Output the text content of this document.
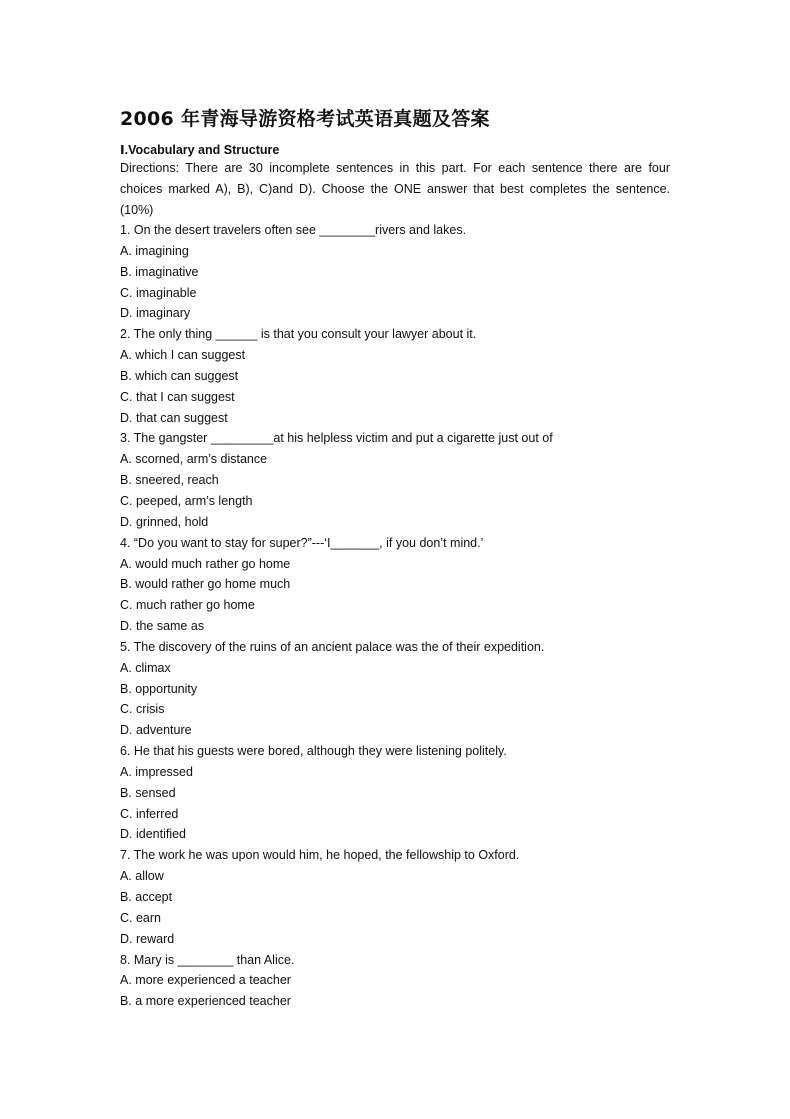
2006 年青海导游资格考试英语真题及答案
Ⅰ.Vocabulary and Structure
Directions: There are 30 incomplete sentences in this part. For each sentence there are four choices marked A), B), C)and D). Choose the ONE answer that best completes the sentence. (10%)
1. On the desert travelers often see ________rivers and lakes.
A. imagining
B. imaginative
C. imaginable
D. imaginary
2. The only thing ______ is that you consult your lawyer about it.
A. which I can suggest
B. which can suggest
C. that I can suggest
D. that can suggest
3. The gangster _________at his helpless victim and put a cigarette just out of
A. scorned, arm’s distance
B. sneered, reach
C. peeped, arm’s length
D. grinned, hold
4. “Do you want to stay for super?”---‘I_______, if you don’t mind.’
A. would much rather go home
B. would rather go home much
C. much rather go home
D. the same as
5. The discovery of the ruins of an ancient palace was the of their expedition.
A. climax
B. opportunity
C. crisis
D. adventure
6. He that his guests were bored, although they were listening politely.
A. impressed
B. sensed
C. inferred
D. identified
7. The work he was upon would him, he hoped, the fellowship to Oxford.
A. allow
B. accept
C. earn
D. reward
8. Mary is ________ than Alice.
A. more experienced a teacher
B. a more experienced teacher
